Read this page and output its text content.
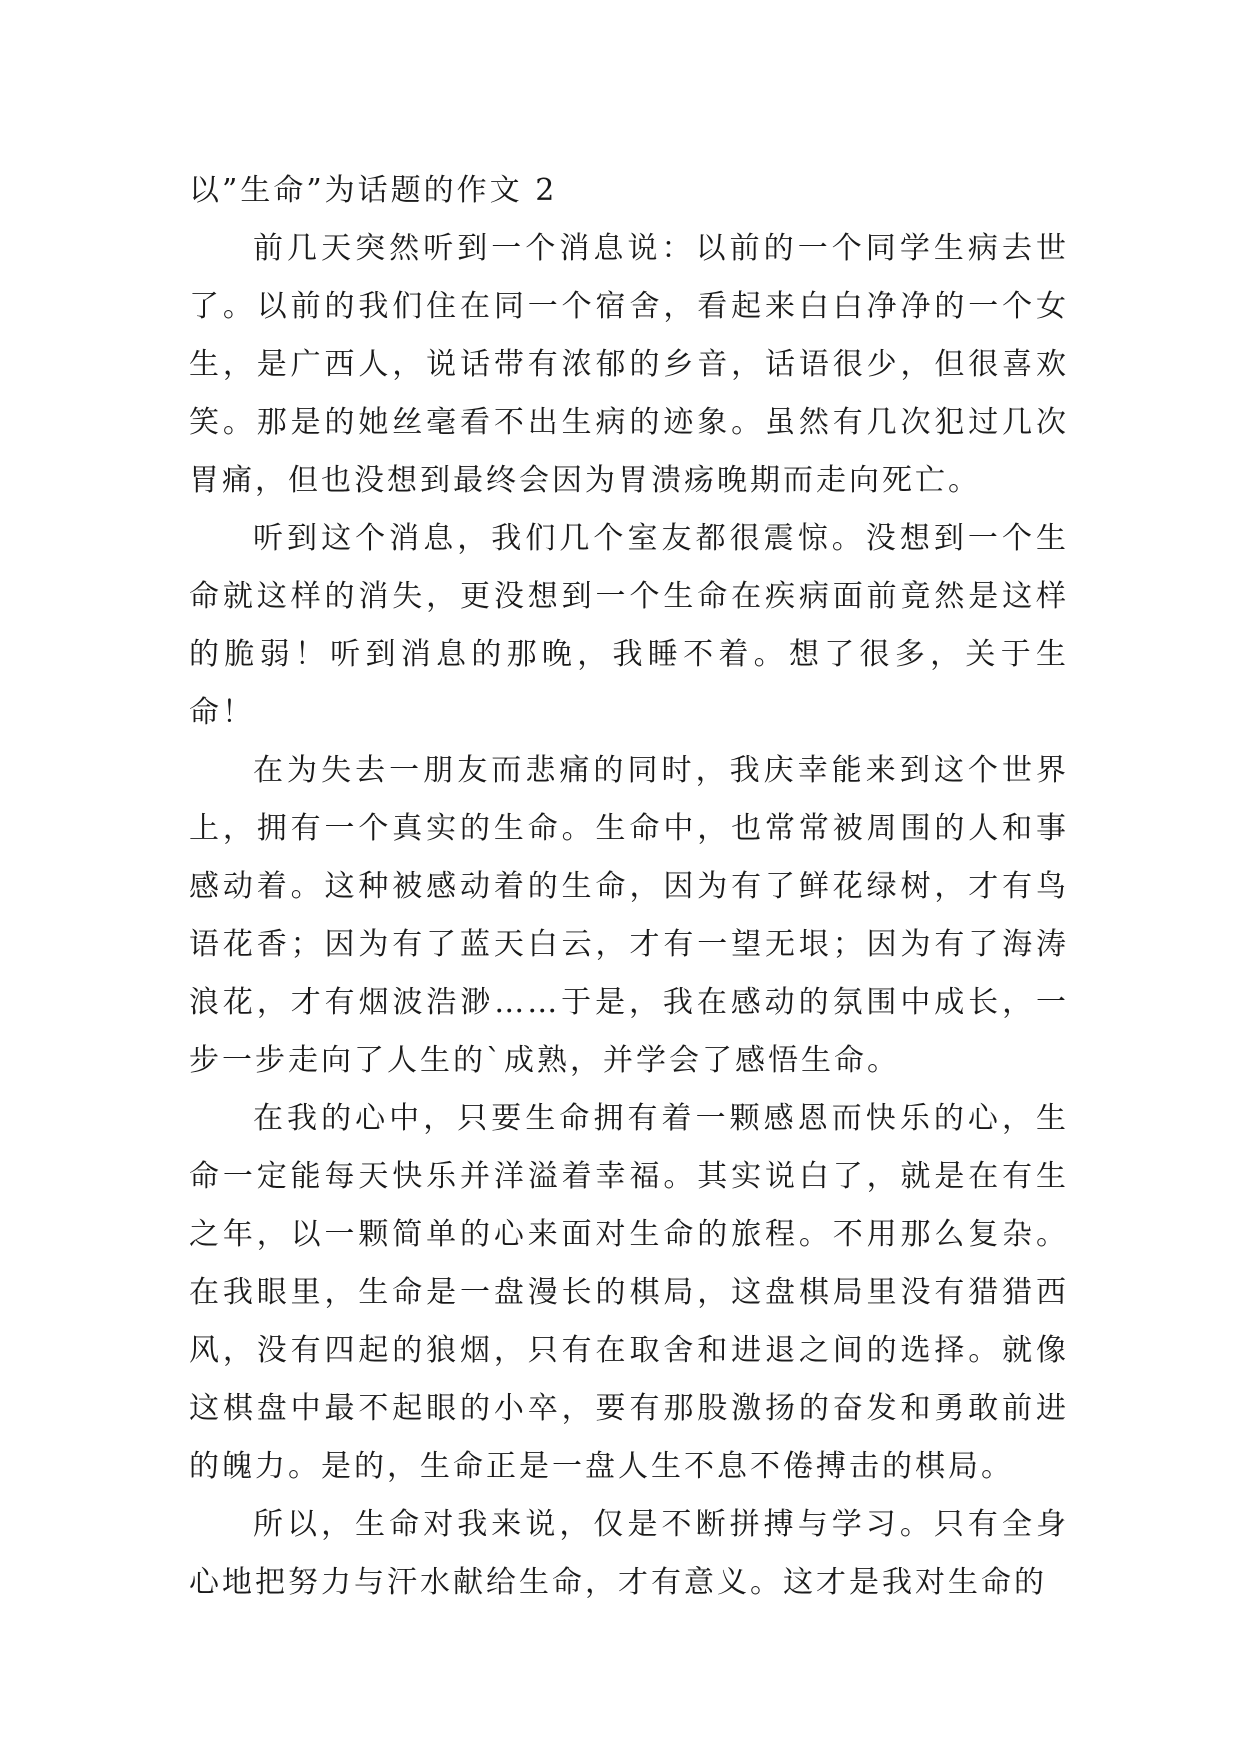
以”生命”为话题的作文 2

前几天突然听到一个消息说：以前的一个同学生病去世了。以前的我们住在同一个宿舍，看起来白白净净的一个女生，是广西人，说话带有浓郁的乡音，话语很少，但很喜欢笑。那是的她丝毫看不出生病的迹象。虽然有几次犯过几次胃痛，但也没想到最终会因为胃溃疡晚期而走向死亡。

听到这个消息，我们几个室友都很震惊。没想到一个生命就这样的消失，更没想到一个生命在疾病面前竟然是这样的脆弱！听到消息的那晚，我睡不着。想了很多，关于生命！

在为失去一朋友而悲痛的同时，我庆幸能来到这个世界上，拥有一个真实的生命。生命中，也常常被周围的人和事感动着。这种被感动着的生命，因为有了鲜花绿树，才有鸟语花香；因为有了蓝天白云，才有一望无垠；因为有了海涛浪花，才有烟波浩渺……于是，我在感动的氛围中成长，一步一步走向了人生的`成熟，并学会了感悟生命。

在我的心中，只要生命拥有着一颗感恩而快乐的心，生命一定能每天快乐并洋溢着幸福。其实说白了，就是在有生之年，以一颗简单的心来面对生命的旅程。不用那么复杂。在我眼里，生命是一盘漫长的棋局，这盘棋局里没有猎猎西风，没有四起的狼烟，只有在取舍和进退之间的选择。就像这棋盘中最不起眼的小卒，要有那股激扬的奋发和勇敢前进的魄力。是的，生命正是一盘人生不息不倦搏击的棋局。

所以，生命对我来说，仅是不断拼搏与学习。只有全身心地把努力与汗水献给生命，才有意义。这才是我对生命的
